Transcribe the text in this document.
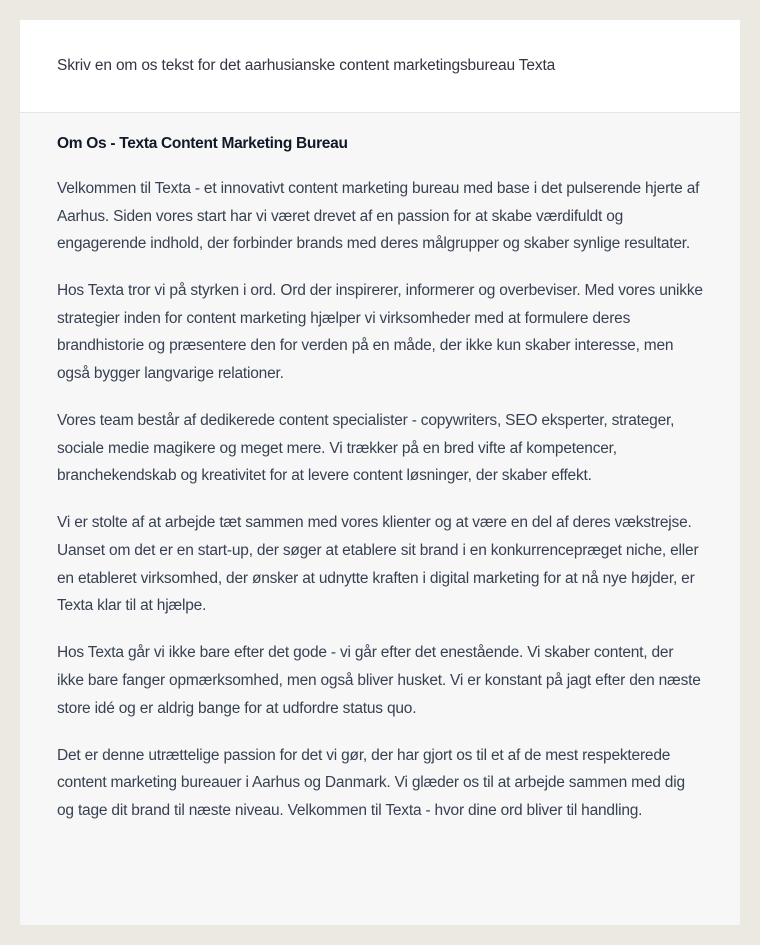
Skriv en om os tekst for det aarhusianske content marketingsbureau Texta
Om Os - Texta Content Marketing Bureau

Velkommen til Texta - et innovativt content marketing bureau med base i det pulserende hjerte af Aarhus. Siden vores start har vi været drevet af en passion for at skabe værdifuldt og engagerende indhold, der forbinder brands med deres målgrupper og skaber synlige resultater.

Hos Texta tror vi på styrken i ord. Ord der inspirerer, informerer og overbeviser. Med vores unikke strategier inden for content marketing hjælper vi virksomheder med at formulere deres brandhistorie og præsentere den for verden på en måde, der ikke kun skaber interesse, men også bygger langvarige relationer.

Vores team består af dedikerede content specialister - copywriters, SEO eksperter, strateger, sociale medie magikere og meget mere. Vi trækker på en bred vifte af kompetencer, branchekendskab og kreativitet for at levere content løsninger, der skaber effekt.

Vi er stolte af at arbejde tæt sammen med vores klienter og at være en del af deres vækstrejse. Uanset om det er en start-up, der søger at etablere sit brand i en konkurrencepræget niche, eller en etableret virksomhed, der ønsker at udnytte kraften i digital marketing for at nå nye højder, er Texta klar til at hjælpe.

Hos Texta går vi ikke bare efter det gode - vi går efter det enestående. Vi skaber content, der ikke bare fanger opmærksomhed, men også bliver husket. Vi er konstant på jagt efter den næste store idé og er aldrig bange for at udfordre status quo.

Det er denne utrættelige passion for det vi gør, der har gjort os til et af de mest respekterede content marketing bureauer i Aarhus og Danmark. Vi glæder os til at arbejde sammen med dig og tage dit brand til næste niveau. Velkommen til Texta - hvor dine ord bliver til handling.
